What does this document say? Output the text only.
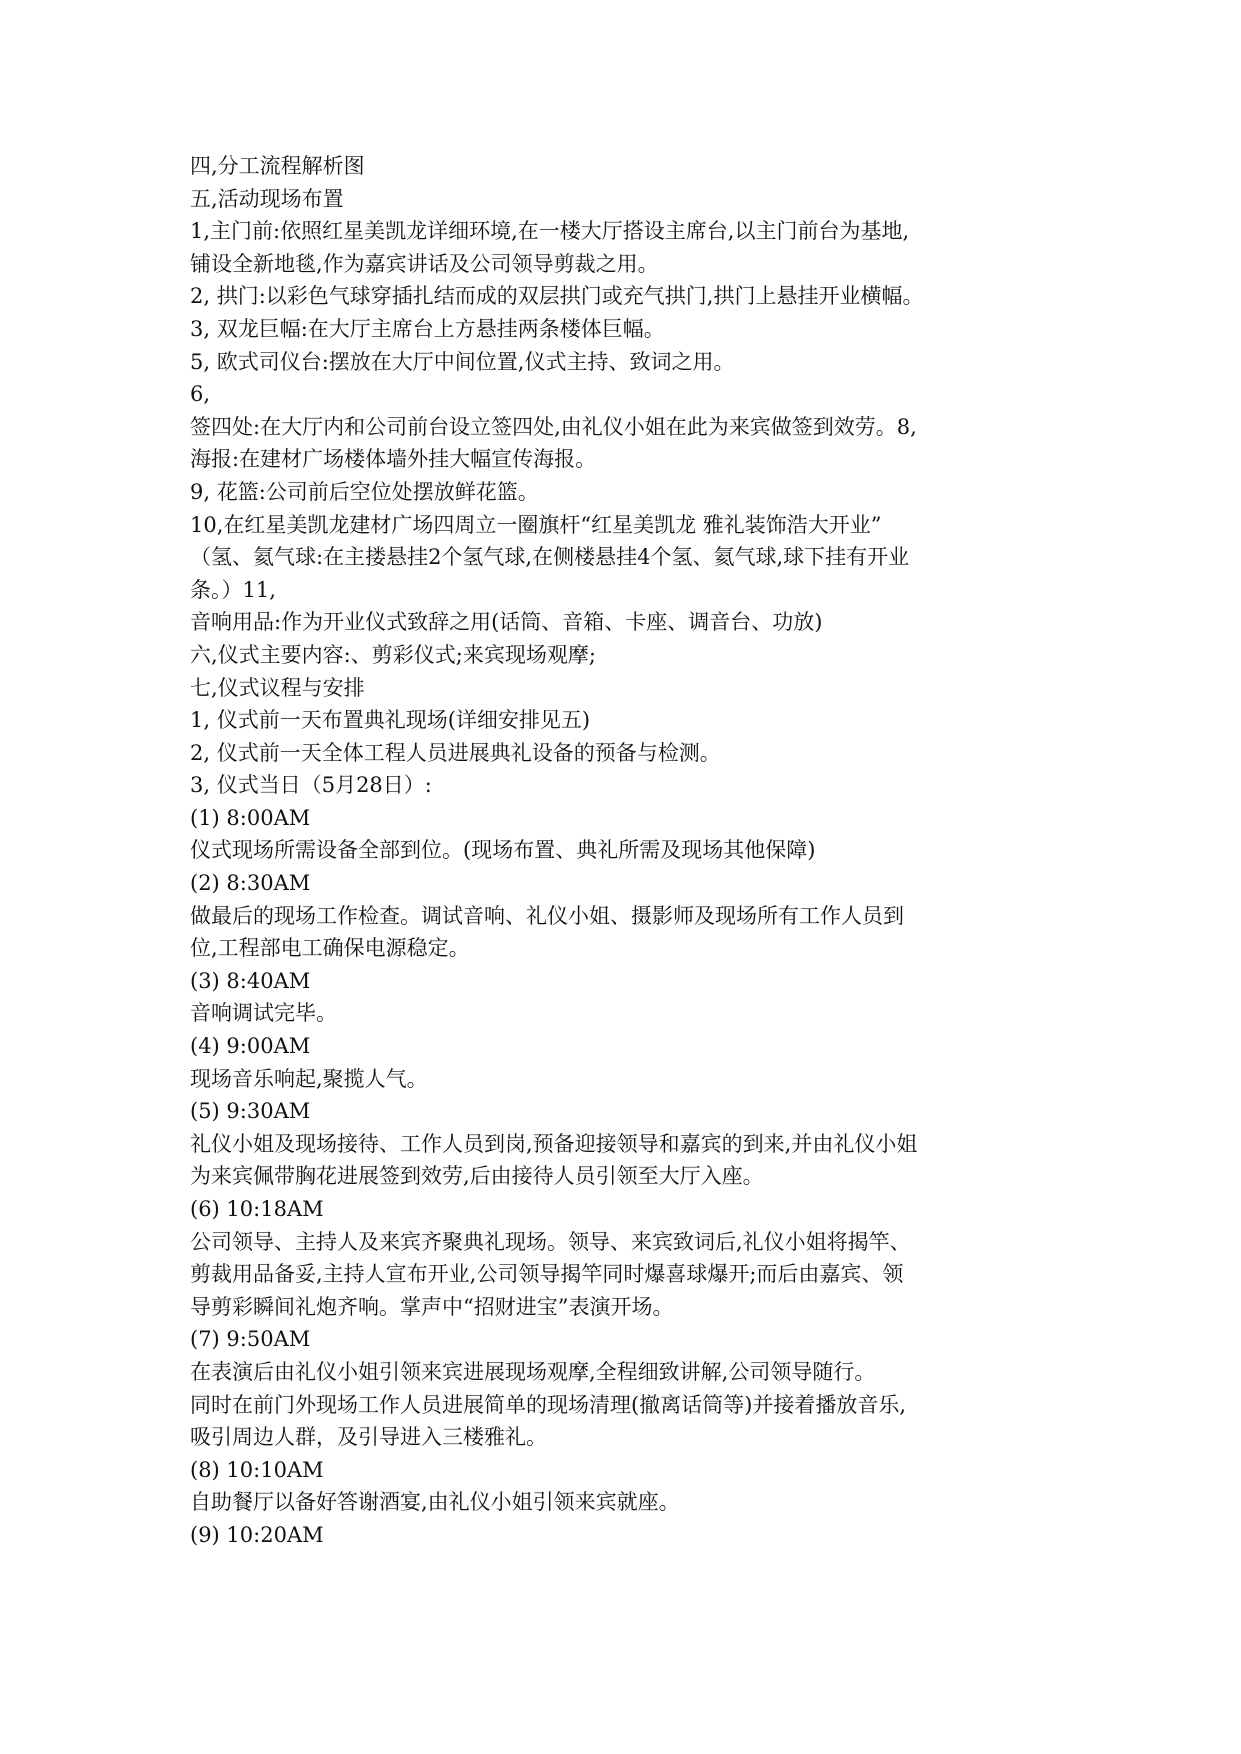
四,分工流程解析图
五,活动现场布置
1,主门前:依照红星美凯龙详细环境,在一楼大厅搭设主席台,以主门前台为基地,
铺设全新地毯,作为嘉宾讲话及公司领导剪裁之用。
2, 拱门:以彩色气球穿插扎结而成的双层拱门或充气拱门,拱门上悬挂开业横幅。
3, 双龙巨幅:在大厅主席台上方悬挂两条楼体巨幅。
5, 欧式司仪台:摆放在大厅中间位置,仪式主持、致词之用。
6,
签四处:在大厅内和公司前台设立签四处,由礼仪小姐在此为来宾做签到效劳。8,
海报:在建材广场楼体墙外挂大幅宣传海报。
9, 花篮:公司前后空位处摆放鲜花篮。
10,在红星美凯龙建材广场四周立一圈旗杆“红星美凯龙 雅礼装饰浩大开业”
（氢、氦气球:在主搂悬挂2个氢气球,在侧楼悬挂4个氢、氦气球,球下挂有开业
条。）11,
音响用品:作为开业仪式致辞之用(话筒、音箱、卡座、调音台、功放)
六,仪式主要内容:、剪彩仪式;来宾现场观摩;
七,仪式议程与安排
1, 仪式前一天布置典礼现场(详细安排见五)
2, 仪式前一天全体工程人员进展典礼设备的预备与检测。
3, 仪式当日（5月28日）:
(1) 8:00AM
仪式现场所需设备全部到位。(现场布置、典礼所需及现场其他保障)
(2) 8:30AM
做最后的现场工作检查。调试音响、礼仪小姐、摄影师及现场所有工作人员到
位,工程部电工确保电源稳定。
(3) 8:40AM
音响调试完毕。
(4) 9:00AM
现场音乐响起,聚揽人气。
(5) 9:30AM
礼仪小姐及现场接待、工作人员到岗,预备迎接领导和嘉宾的到来,并由礼仪小姐
为来宾佩带胸花进展签到效劳,后由接待人员引领至大厅入座。
(6) 10:18AM
公司领导、主持人及来宾齐聚典礼现场。领导、来宾致词后,礼仪小姐将揭竿、
剪裁用品备妥,主持人宣布开业,公司领导揭竿同时爆喜球爆开;而后由嘉宾、领
导剪彩瞬间礼炮齐响。掌声中“招财进宝”表演开场。
(7) 9:50AM
在表演后由礼仪小姐引领来宾进展现场观摩,全程细致讲解,公司领导随行。
同时在前门外现场工作人员进展简单的现场清理(撤离话筒等)并接着播放音乐,
吸引周边人群，及引导进入三楼雅礼。
(8) 10:10AM
自助餐厅以备好答谢酒宴,由礼仪小姐引领来宾就座。
(9) 10:20AM
